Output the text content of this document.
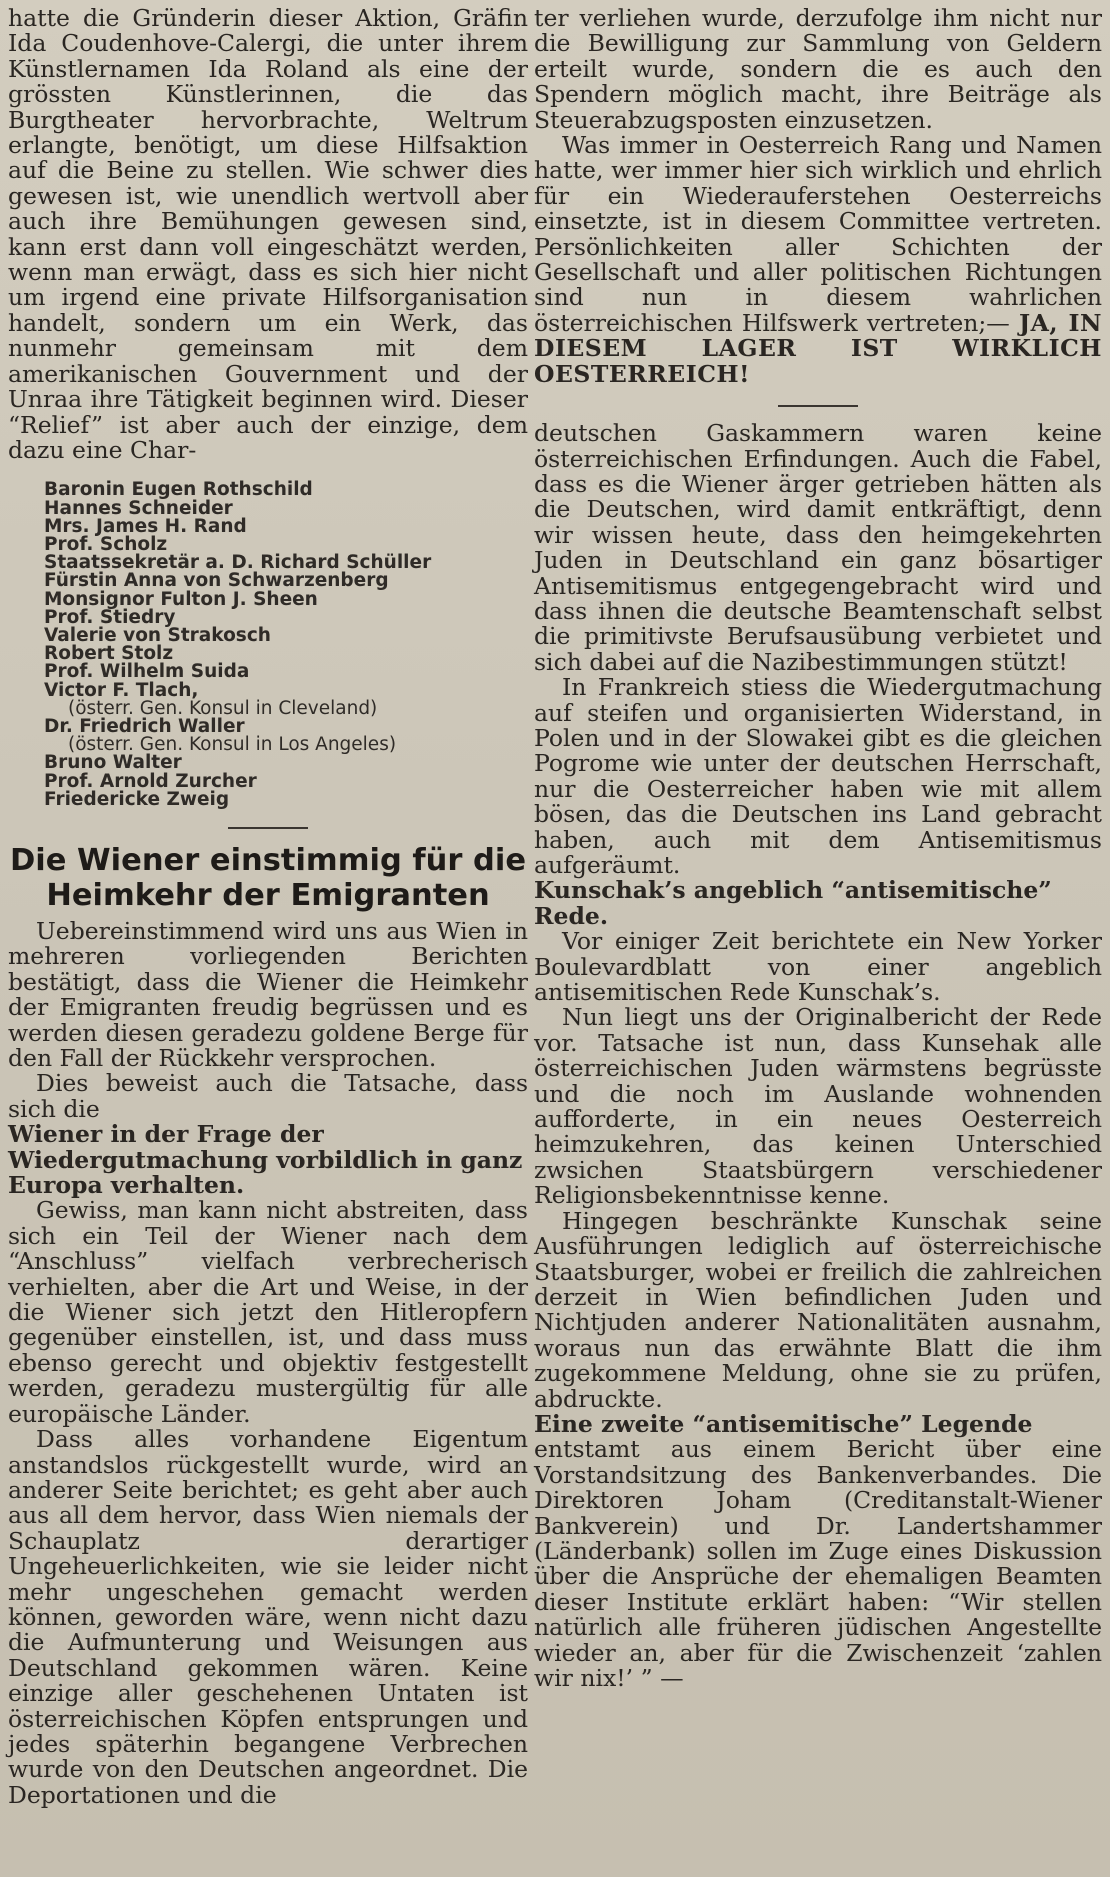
hatte die Gründerin dieser Aktion, Gräfin Ida Coudenhove-Calergi, die unter ihrem Künstlernamen Ida Roland als eine der grössten Künstlerinnen, die das Burgtheater hervorbrachte, Weltrum erlangte, benötigt, um diese Hilfsaktion auf die Beine zu stellen. Wie schwer dies gewesen ist, wie unendlich wertvoll aber auch ihre Bemühungen gewesen sind, kann erst dann voll eingeschätzt werden, wenn man erwägt, dass es sich hier nicht um irgend eine private Hilfsorganisation handelt, sondern um ein Werk, das nunmehr gemeinsam mit dem amerikanischen Gouvernment und der Unraa ihre Tätigkeit beginnen wird. Dieser “Relief” ist aber auch der einzige, dem dazu eine Char-

Baronin Eugen Rothschild
Hannes Schneider
Mrs. James H. Rand
Prof. Scholz
Staatssekretär a. D. Richard Schüller
Fürstin Anna von Schwarzenberg
Monsignor Fulton J. Sheen
Prof. Stiedry
Valerie von Strakosch
Robert Stolz
Prof. Wilhelm Suida
Victor F. Tlach,
(österr. Gen. Konsul in Cleveland)
Dr. Friedrich Waller
(österr. Gen. Konsul in Los Angeles)
Bruno Walter
Prof. Arnold Zurcher
Friedericke Zweig
Die Wiener einstimmig für die Heimkehr der Emigranten

Uebereinstimmend wird uns aus Wien in mehreren vorliegenden Berichten bestätigt, dass die Wiener die Heimkehr der Emigranten freudig begrüssen und es werden diesen geradezu goldene Berge für den Fall der Rückkehr versprochen.

Dies beweist auch die Tatsache, dass sich die

Wiener in der Frage der Wiedergutmachung vorbildlich in ganz Europa verhalten.

Gewiss, man kann nicht abstreiten, dass sich ein Teil der Wiener nach dem “Anschluss” vielfach verbrecherisch verhielten, aber die Art und Weise, in der die Wiener sich jetzt den Hitleropfern gegenüber einstellen, ist, und dass muss ebenso gerecht und objektiv festgestellt werden, geradezu mustergültig für alle europäische Länder.

Dass alles vorhandene Eigentum anstandslos rückgestellt wurde, wird an anderer Seite berichtet; es geht aber auch aus all dem hervor, dass Wien niemals der Schauplatz derartiger Ungeheuerlichkeiten, wie sie leider nicht mehr ungeschehen gemacht werden können, geworden wäre, wenn nicht dazu die Aufmunterung und Weisungen aus Deutschland gekommen wären. Keine einzige aller geschehenen Untaten ist österreichischen Köpfen entsprungen und jedes späterhin begangene Verbrechen wurde von den Deutschen angeordnet. Die Deportationen und die

ter verliehen wurde, derzufolge ihm nicht nur die Bewilligung zur Sammlung von Geldern erteilt wurde, sondern die es auch den Spendern möglich macht, ihre Beiträge als Steuerabzugsposten einzusetzen.

Was immer in Oesterreich Rang und Namen hatte, wer immer hier sich wirklich und ehrlich für ein Wiederauferstehen Oesterreichs einsetzte, ist in diesem Committee vertreten. Persönlichkeiten aller Schichten der Gesellschaft und aller politischen Richtungen sind nun in diesem wahrlichen österreichischen Hilfswerk vertreten;— JA, IN DIESEM LAGER IST WIRKLICH OESTERREICH!

deutschen Gaskammern waren keine österreichischen Erfindungen. Auch die Fabel, dass es die Wiener ärger getrieben hätten als die Deutschen, wird damit entkräftigt, denn wir wissen heute, dass den heimgekehrten Juden in Deutschland ein ganz bösartiger Antisemitismus entgegengebracht wird und dass ihnen die deutsche Beamtenschaft selbst die primitivste Berufsausübung verbietet und sich dabei auf die Nazibestimmungen stützt!

In Frankreich stiess die Wiedergutmachung auf steifen und organisierten Widerstand, in Polen und in der Slowakei gibt es die gleichen Pogrome wie unter der deutschen Herrschaft, nur die Oesterreicher haben wie mit allem bösen, das die Deutschen ins Land gebracht haben, auch mit dem Antisemitismus aufgeräumt.

Kunschak’s angeblich “antisemitische” Rede.

Vor einiger Zeit berichtete ein New Yorker Boulevardblatt von einer angeblich antisemitischen Rede Kunschak’s.

Nun liegt uns der Originalbericht der Rede vor. Tatsache ist nun, dass Kunsehak alle österreichischen Juden wärmstens begrüsste und die noch im Auslande wohnenden aufforderte, in ein neues Oesterreich heimzukehren, das keinen Unterschied zwsichen Staatsbürgern verschiedener Religionsbekenntnisse kenne.

Hingegen beschränkte Kunschak seine Ausführungen lediglich auf österreichische Staatsburger, wobei er freilich die zahlreichen derzeit in Wien befindlichen Juden und Nichtjuden anderer Nationalitäten ausnahm, woraus nun das erwähnte Blatt die ihm zugekommene Meldung, ohne sie zu prüfen, abdruckte.

Eine zweite “antisemitische” Legende

entstamt aus einem Bericht über eine Vorstandsitzung des Bankenverbandes. Die Direktoren Joham (Creditanstalt-Wiener Bankverein) und Dr. Landertshammer (Länderbank) sollen im Zuge eines Diskussion über die Ansprüche der ehemaligen Beamten dieser Institute erklärt haben: “Wir stellen natürlich alle früheren jüdischen Angestellte wieder an, aber für die Zwischenzeit ‘zahlen wir nix!’ ” —
